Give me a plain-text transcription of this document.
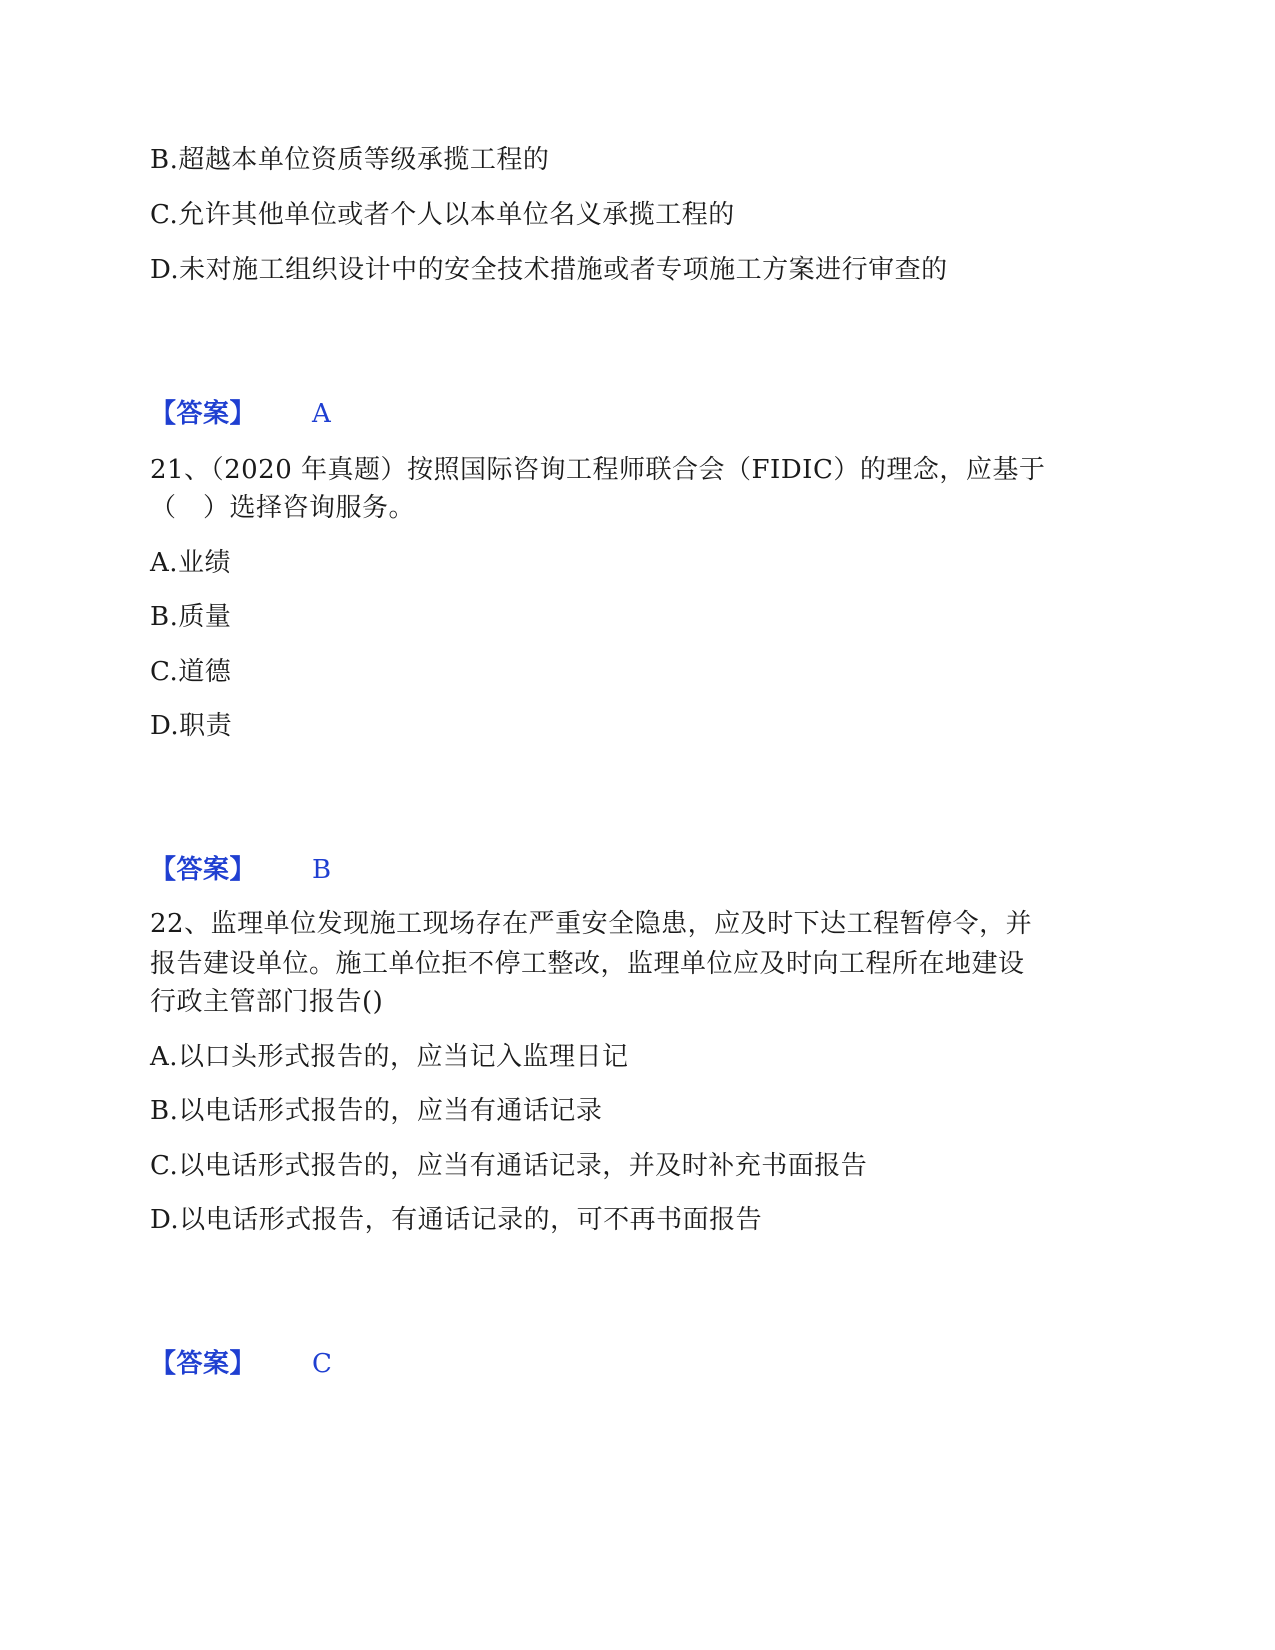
B.超越本单位资质等级承揽工程的
C.允许其他单位或者个人以本单位名义承揽工程的
D.未对施工组织设计中的安全技术措施或者专项施工方案进行审查的
【答案】 A
21、（2020 年真题）按照国际咨询工程师联合会（FIDIC）的理念，应基于
（　）选择咨询服务。
A.业绩
B.质量
C.道德
D.职责
【答案】 B
22、监理单位发现施工现场存在严重安全隐患，应及时下达工程暂停令，并
报告建设单位。施工单位拒不停工整改，监理单位应及时向工程所在地建设
行政主管部门报告()
A.以口头形式报告的，应当记入监理日记
B.以电话形式报告的，应当有通话记录
C.以电话形式报告的，应当有通话记录，并及时补充书面报告
D.以电话形式报告，有通话记录的，可不再书面报告
【答案】 C
